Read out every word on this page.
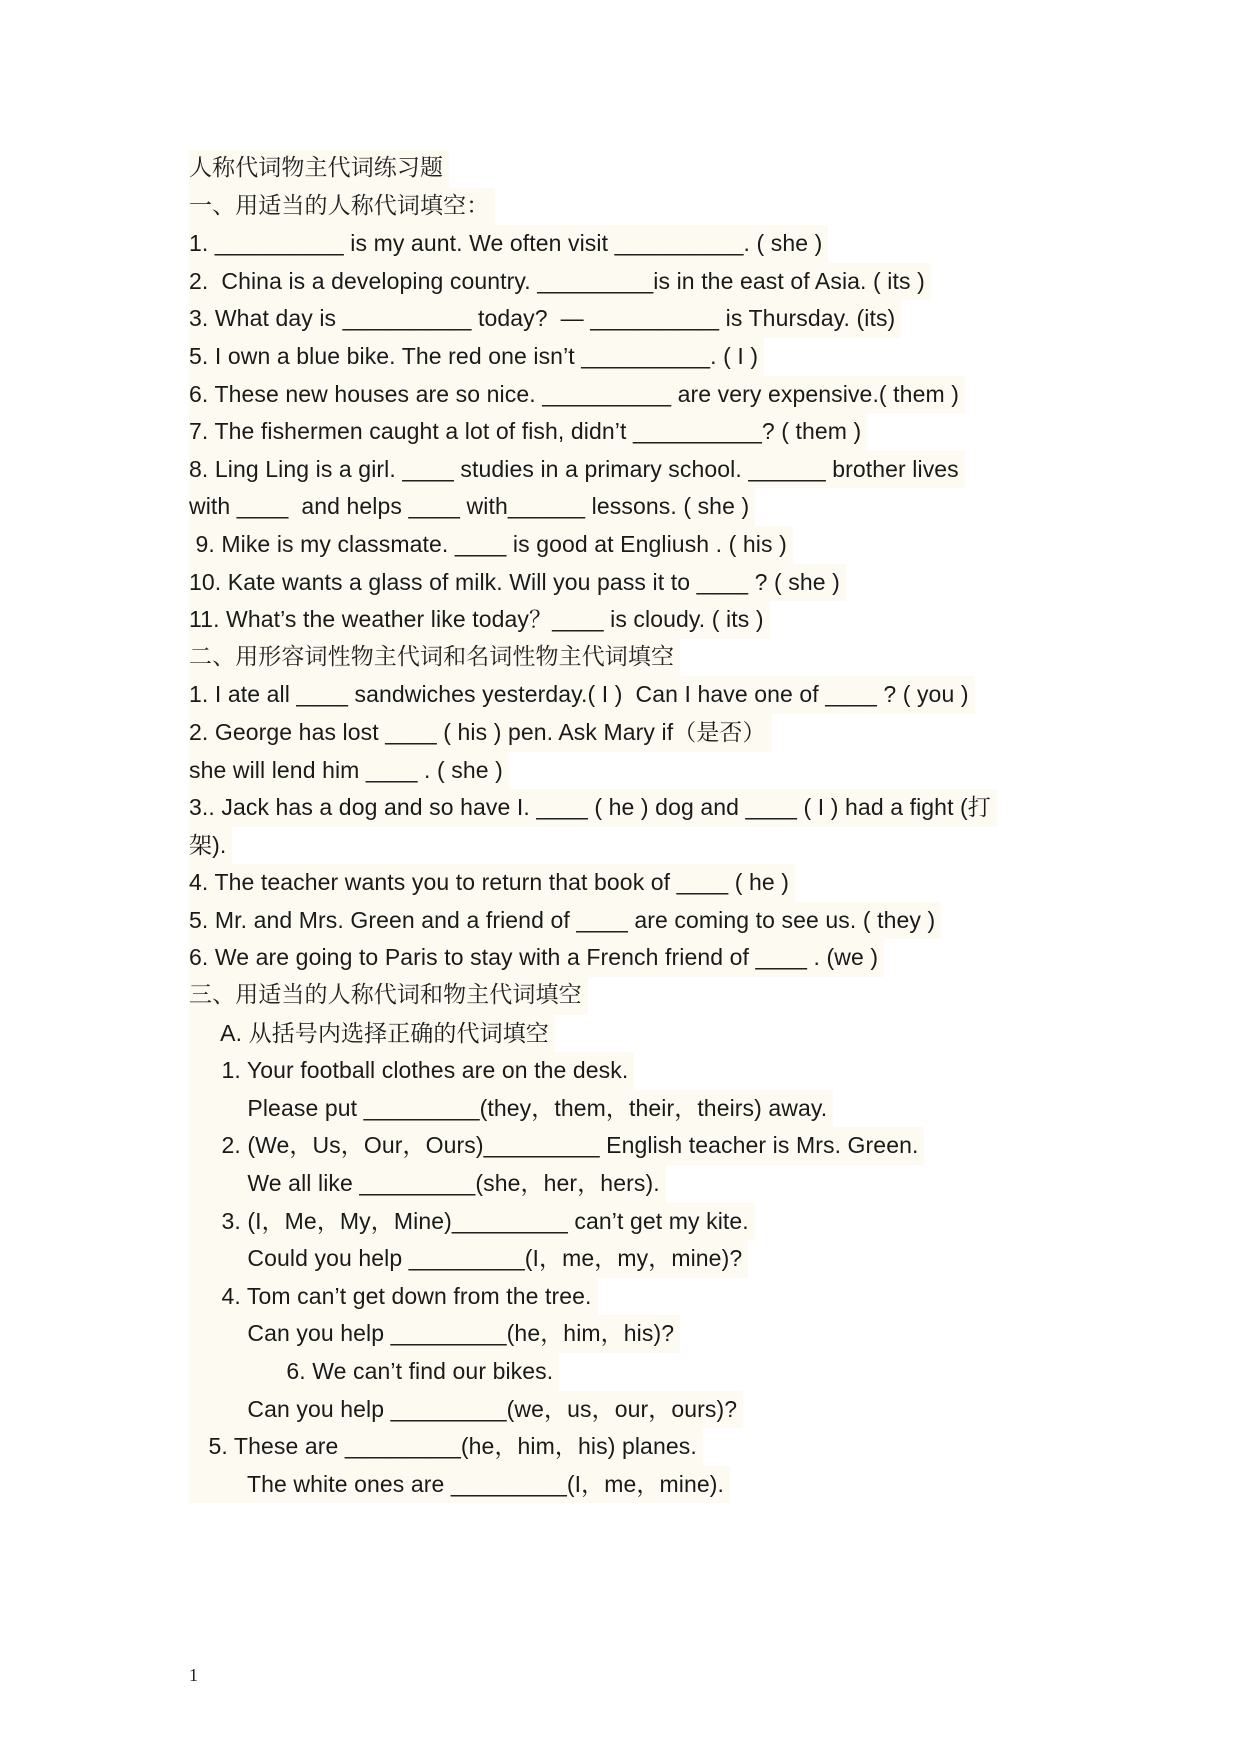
人称代词物主代词练习题
一、用适当的人称代词填空：
1. __________ is my aunt. We often visit __________. ( she )
2.  China is a developing country. _________is in the east of Asia. ( its )
3. What day is __________ today?  — __________ is Thursday. (its)
5. I own a blue bike. The red one isn’t __________. ( I )
6. These new houses are so nice. __________ are very expensive.( them )
7. The fishermen caught a lot of fish, didn’t __________? ( them )
8. Ling Ling is a girl. ____ studies in a primary school. ______ brother lives
with ____  and helps ____ with______ lessons. ( she )
9. Mike is my classmate. ____ is good at Engliush . ( his )
10. Kate wants a glass of milk. Will you pass it to ____ ? ( she )
11. What’s the weather like today？____ is cloudy. ( its )
二、用形容词性物主代词和名词性物主代词填空
1. I ate all ____ sandwiches yesterday.( I )  Can I have one of ____ ? ( you )
2. George has lost ____ ( his ) pen. Ask Mary if（是否）
she will lend him ____ . ( she )
3.. Jack has a dog and so have I. ____ ( he ) dog and ____ ( I ) had a fight (打
架).
4. The teacher wants you to return that book of ____ ( he )
5. Mr. and Mrs. Green and a friend of ____ are coming to see us. ( they )
6. We are going to Paris to stay with a French friend of ____ . (we )
三、用适当的人称代词和物主代词填空
A. 从括号内选择正确的代词填空
1. Your football clothes are on the desk.
Please put _________(they，them，their，theirs) away.
2. (We，Us，Our，Ours)_________ English teacher is Mrs. Green.
We all like _________(she，her，hers).
3. (I，Me，My，Mine)_________ can’t get my kite.
Could you help _________(I，me，my，mine)?
4. Tom can’t get down from the tree.
Can you help _________(he，him，his)?
6. We can’t find our bikes.
Can you help _________(we，us，our，ours)?
5. These are _________(he，him，his) planes.
The white ones are _________(I，me，mine).
1
